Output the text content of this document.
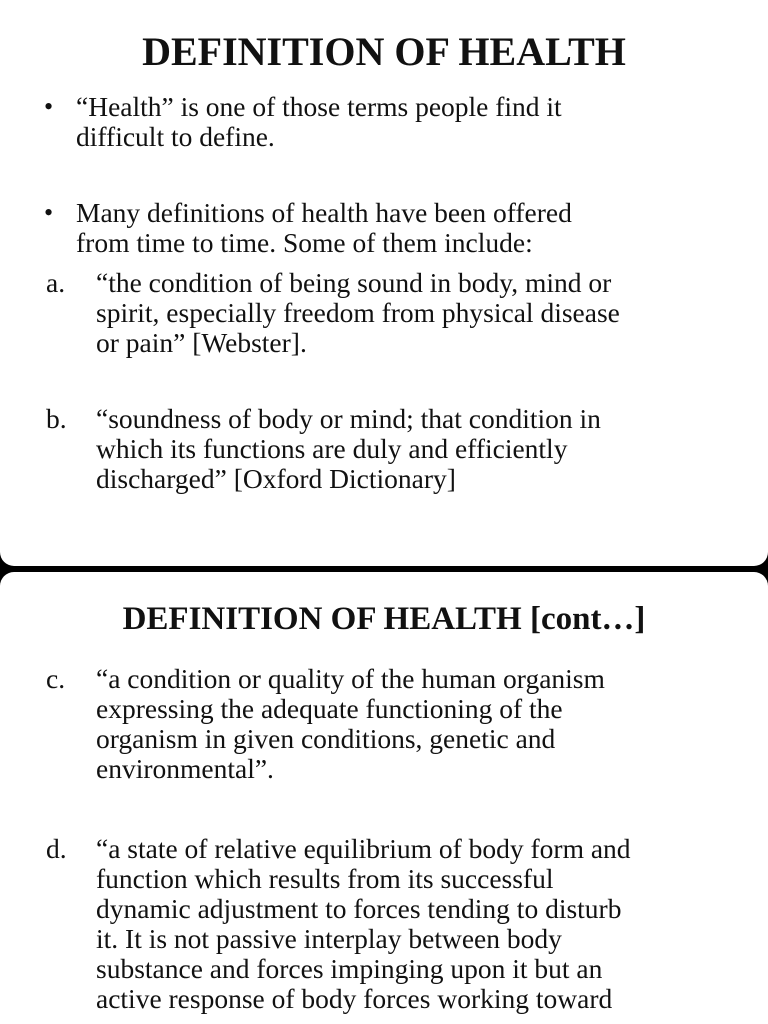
DEFINITION OF HEALTH
• “Health” is one of those terms people find it
difficult to define.
• Many definitions of health have been offered
from time to time. Some of them include:
a. “the condition of being sound in body, mind or
spirit, especially freedom from physical disease
or pain” [Webster].
b. “soundness of body or mind; that condition in
which its functions are duly and efficiently
discharged” [Oxford Dictionary]
DEFINITION OF HEALTH [cont…]
c. “a condition or quality of the human organism
expressing the adequate functioning of the
organism in given conditions, genetic and
environmental”.
d. “a state of relative equilibrium of body form and
function which results from its successful
dynamic adjustment to forces tending to disturb
it. It is not passive interplay between body
substance and forces impinging upon it but an
active response of body forces working toward
